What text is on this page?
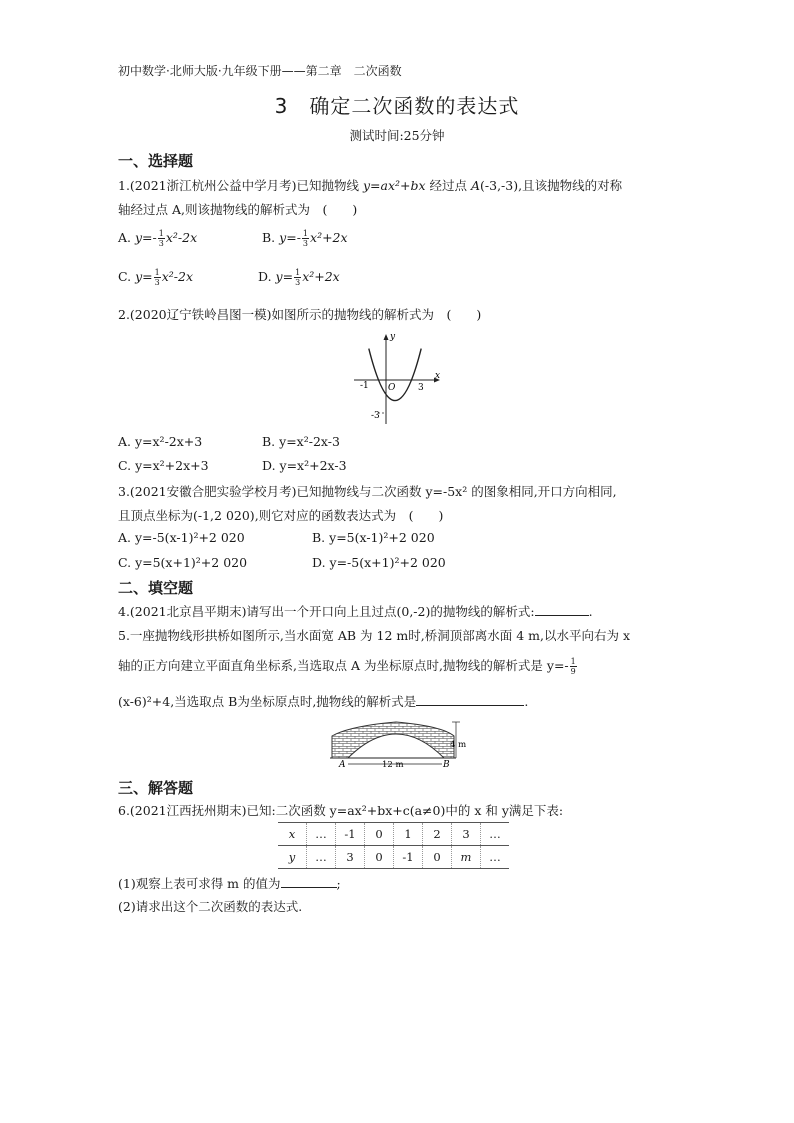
初中数学·北师大版·九年级下册——第二章　二次函数
3　确定二次函数的表达式
测试时间:25分钟
一、选择题
1.(2021浙江杭州公益中学月考)已知抛物线 y=ax²+bx 经过点 A(-3,-3),且该抛物线的对称
轴经过点 A,则该抛物线的解析式为　(　　)
A. $y=- \frac{1}{3} x^2-2x$	B. $y=- \frac{1}{3} x^2+2x$
C. $y= \frac{1}{3} x^2-2x$	D. $y= \frac{1}{3} x^2+2x$
2.(2020辽宁铁岭昌图一模)如图所示的抛物线的解析式为　(　　)
y
x
O
-1	3
-3
A. y=x²-2x+3	B. y=x²-2x-3
C. y=x²+2x+3	D. y=x²+2x-3
3.(2021安徽合肥实验学校月考)已知抛物线与二次函数 y=-5x² 的图象相同,开口方向相同,
且顶点坐标为(-1,2 020),则它对应的函数表达式为　(　　)
A. y=-5(x-1)²+2 020	B. y=5(x-1)²+2 020
C. y=5(x+1)²+2 020	D. y=-5(x+1)²+2 020
二、填空题
4.(2021北京昌平期末)请写出一个开口向上且过点(0,-2)的抛物线的解析式:	.
5.一座抛物线形拱桥如图所示,当水面宽 AB 为 12 m时,桥洞顶部离水面 4 m,以水平向右为 x
轴的正方向建立平面直角坐标系,当选取点 A 为坐标原点时,抛物线的解析式是 $y=- \frac{1}{9}$
(x-6)²+4,当选取点 B为坐标原点时,抛物线的解析式是	.
A	B
12 m
4 m
三、解答题
6.(2021江西抚州期末)已知:二次函数 y=ax²+bx+c(a≠0)中的 x 和 y满足下表:
x	…	-1	0	1	2	3	…
y	…	3	0	-1	0	m	…
(1)观察上表可求得 m 的值为	;
(2)请求出这个二次函数的表达式.
